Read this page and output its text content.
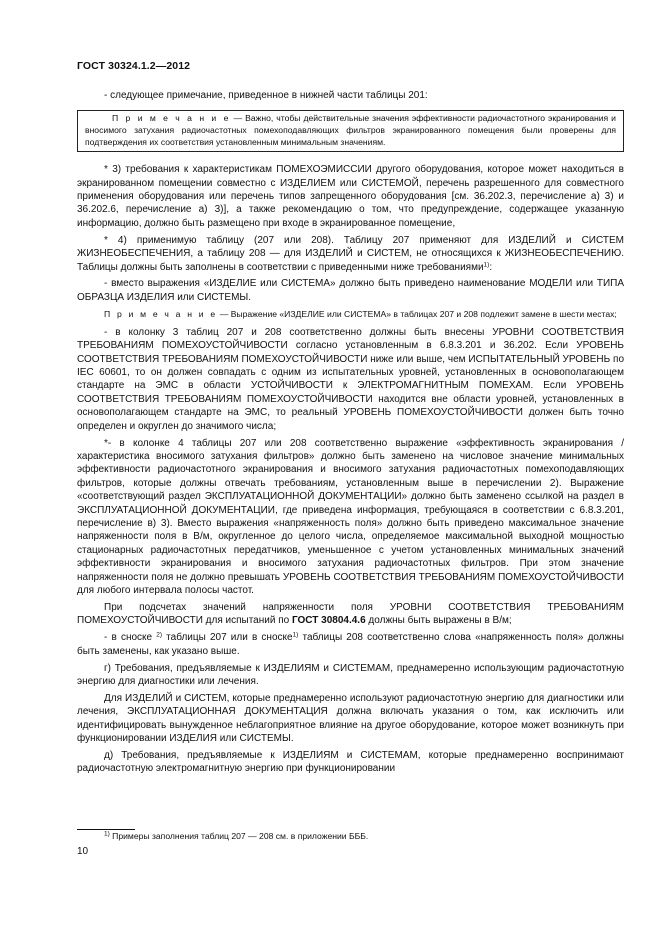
ГОСТ 30324.1.2—2012

- следующее примечание, приведенное в нижней части таблицы 201:

П р и м е ч а н и е — Важно, чтобы действительные значения эффективности радиочастотного экранирования и вносимого затухания радиочастотных помехоподавляющих фильтров экранированного помещения были проверены для подтверждения их соответствия установленным минимальным значениям.

* 3) требования к характеристикам ПОМЕХОЭМИССИИ другого оборудования, которое может находиться в экранированном помещении совместно с ИЗДЕЛИЕМ или СИСТЕМОЙ, перечень разрешенного для совместного применения оборудования или перечень типов запрещенного оборудования [см. 36.202.3, перечисление а) 3) и 36.202.6, перечисление а) 3)], а также рекомендацию о том, что предупреждение, содержащее указанную информацию, должно быть размещено при входе в экранированное помещение,

* 4) применимую таблицу (207 или 208). Таблицу 207 применяют для ИЗДЕЛИЙ и СИСТЕМ ЖИЗНЕОБЕСПЕЧЕНИЯ, а таблицу 208 — для ИЗДЕЛИЙ и СИСТЕМ, не относящихся к ЖИЗНЕОБЕСПЕЧЕНИЮ. Таблицы должны быть заполнены в соответствии с приведенными ниже требованиями$^{1)}$:

- вместо выражения «ИЗДЕЛИЕ или СИСТЕМА» должно быть приведено наименование МОДЕЛИ или ТИПА ОБРАЗЦА ИЗДЕЛИЯ или СИСТЕМЫ.

П р и м е ч а н и е — Выражение «ИЗДЕЛИЕ или СИСТЕМА» в таблицах 207 и 208 подлежит замене в шести местах;

- в колонку 3 таблиц 207 и 208 соответственно должны быть внесены УРОВНИ СООТВЕТСТВИЯ ТРЕБОВАНИЯМ ПОМЕХОУСТОЙЧИВОСТИ согласно установленным в 6.8.3.201 и 36.202. Если УРОВЕНЬ СООТВЕТСТВИЯ ТРЕБОВАНИЯМ ПОМЕХОУСТОЙЧИВОСТИ ниже или выше, чем ИСПЫТАТЕЛЬНЫЙ УРОВЕНЬ по IEC 60601, то он должен совпадать с одним из испытательных уровней, установленных в основополагающем стандарте на ЭМС в области УСТОЙЧИВОСТИ к ЭЛЕКТРОМАГНИТНЫМ ПОМЕХАМ. Если УРОВЕНЬ СООТВЕТСТВИЯ ТРЕБОВАНИЯМ ПОМЕХОУСТОЙЧИВОСТИ находится вне области уровней, установленных в основополагающем стандарте на ЭМС, то реальный УРОВЕНЬ ПОМЕХОУСТОЙЧИВОСТИ должен быть точно определен и округлен до значимого числа;

*- в колонке 4 таблицы 207 или 208 соответственно выражение «эффективность экранирования / характеристика вносимого затухания фильтров» должно быть заменено на числовое значение минимальных эффективности радиочастотного экранирования и вносимого затухания радиочастотных помехоподавляющих фильтров, которые должны отвечать требованиям, установленным выше в перечислении 2). Выражение «соответствующий раздел ЭКСПЛУАТАЦИОННОЙ ДОКУМЕНТАЦИИ» должно быть заменено ссылкой на раздел в ЭКСПЛУАТАЦИОННОЙ ДОКУМЕНТАЦИИ, где приведена информация, требующаяся в соответствии с 6.8.3.201, перечисление в) 3). Вместо выражения «напряженность поля» должно быть приведено максимальное значение напряженности поля в В/м, округленное до целого числа, определяемое максимальной выходной мощностью стационарных радиочастотных передатчиков, уменьшенное с учетом установленных минимальных значений эффективности экранирования и вносимого затухания радиочастотных фильтров. При этом значение напряженности поля не должно превышать УРОВЕНЬ СООТВЕТСТВИЯ ТРЕБОВАНИЯМ ПОМЕХОУСТОЙЧИВОСТИ для любого интервала полосы частот.

При подсчетах значений напряженности поля УРОВНИ СООТВЕТСТВИЯ ТРЕБОВАНИЯМ ПОМЕХОУСТОЙЧИВОСТИ для испытаний по ГОСТ 30804.4.6 должны быть выражены в В/м;

- в сноске $^{2)}$ таблицы 207 или в сноске$^{1)}$ таблицы 208 соответственно слова «напряженность поля» должны быть заменены, как указано выше.

г) Требования, предъявляемые к ИЗДЕЛИЯМ и СИСТЕМАМ, преднамеренно использующим радиочастотную энергию для диагностики или лечения.

Для ИЗДЕЛИЙ и СИСТЕМ, которые преднамеренно используют радиочастотную энергию для диагностики или лечения, ЭКСПЛУАТАЦИОННАЯ ДОКУМЕНТАЦИЯ должна включать указания о том, как исключить или идентифицировать вынужденное неблагоприятное влияние на другое оборудование, которое может возникнуть при функционировании ИЗДЕЛИЯ или СИСТЕМЫ.

д) Требования, предъявляемые к ИЗДЕЛИЯМ и СИСТЕМАМ, которые преднамеренно воспринимают радиочастотную электромагнитную энергию при функционировании

$^{1)}$ Примеры заполнения таблиц 207 — 208 см. в приложении БББ.
10
